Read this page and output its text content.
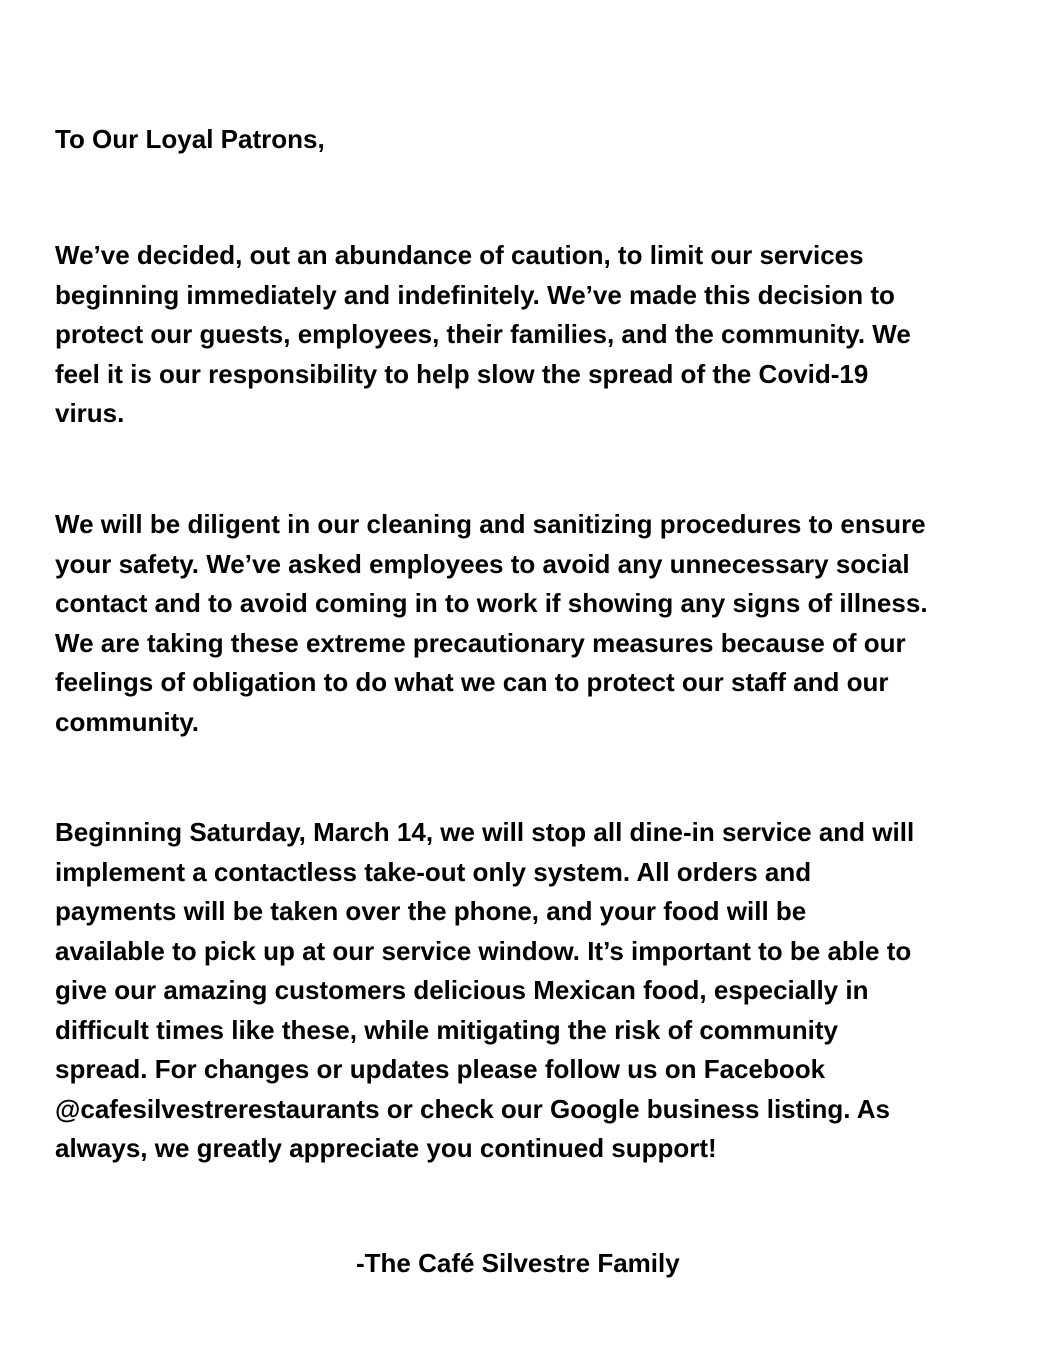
To Our Loyal Patrons,

We’ve decided, out an abundance of caution, to limit our services

beginning immediately and indefinitely. We’ve made this decision to

protect our guests, employees, their families, and the community. We

feel it is our responsibility to help slow the spread of the Covid-19

virus.

We will be diligent in our cleaning and sanitizing procedures to ensure

your safety. We’ve asked employees to avoid any unnecessary social

contact and to avoid coming in to work if showing any signs of illness.

We are taking these extreme precautionary measures because of our

feelings of obligation to do what we can to protect our staff and our

community.

Beginning Saturday, March 14, we will stop all dine-in service and will

implement a contactless take-out only system. All orders and

payments will be taken over the phone, and your food will be

available to pick up at our service window. It’s important to be able to

give our amazing customers delicious Mexican food, especially in

difficult times like these, while mitigating the risk of community

spread. For changes or updates please follow us on Facebook

@cafesilvestrerestaurants or check our Google business listing. As

always, we greatly appreciate you continued support!

-The Café Silvestre Family
